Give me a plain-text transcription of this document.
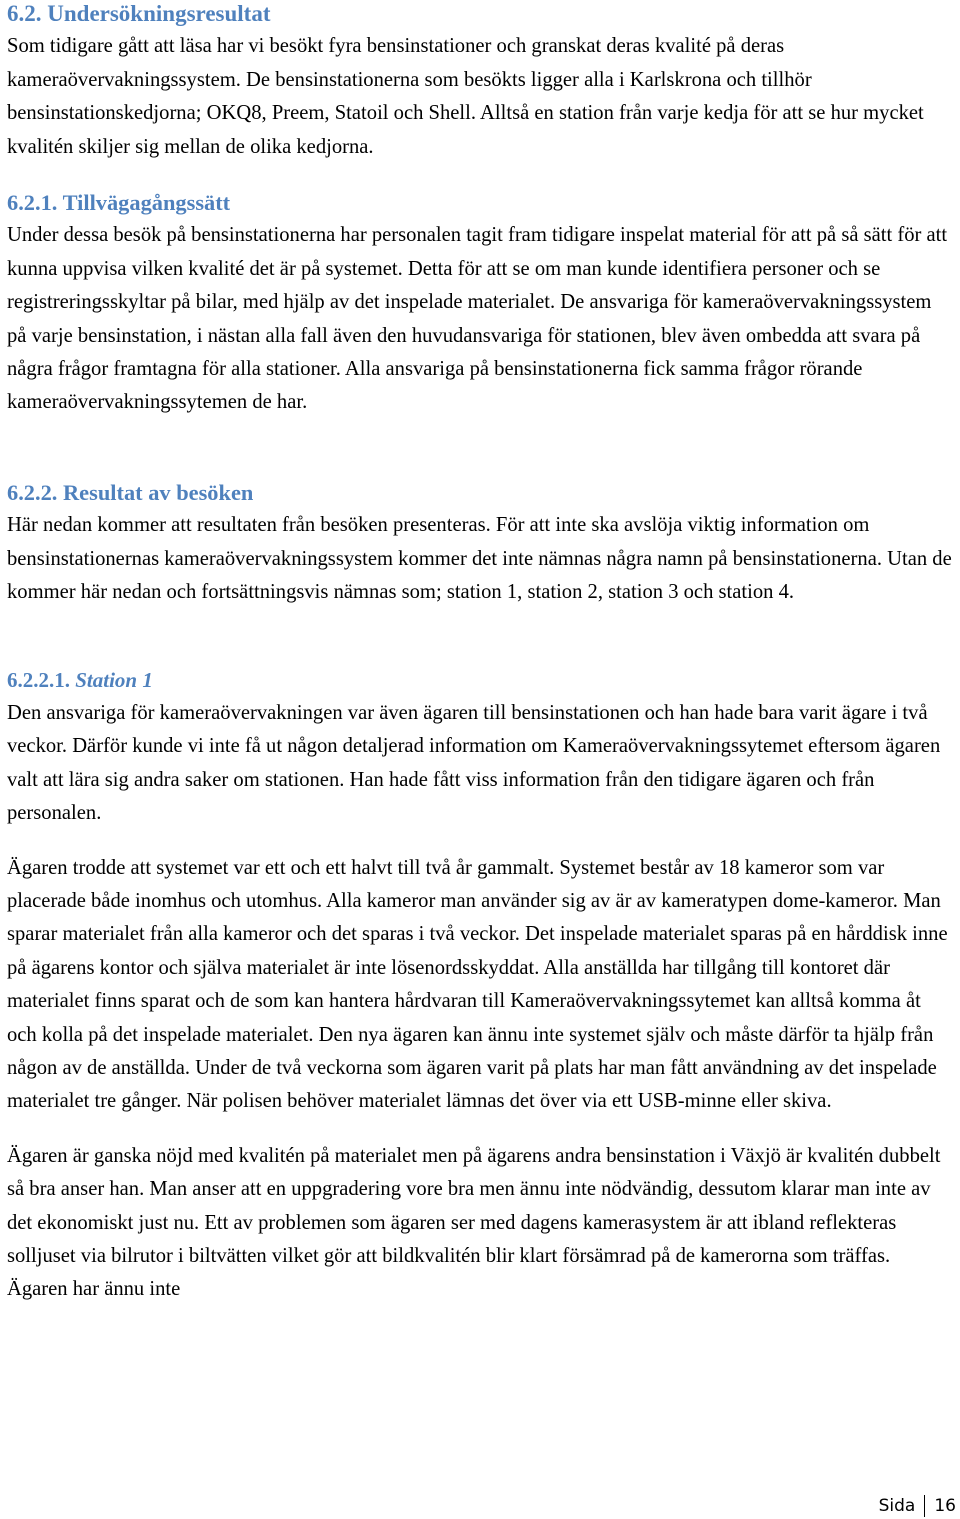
6.2. Undersökningsresultat

Som tidigare gått att läsa har vi besökt fyra bensinstationer och granskat deras kvalité på deras kameraövervakningssystem. De bensinstationerna som besökts ligger alla i Karlskrona och tillhör bensinstationskedjorna; OKQ8, Preem, Statoil och Shell. Alltså en station från varje kedja för att se hur mycket kvalitén skiljer sig mellan de olika kedjorna.

6.2.1. Tillvägagångssätt

Under dessa besök på bensinstationerna har personalen tagit fram tidigare inspelat material för att på så sätt för att kunna uppvisa vilken kvalité det är på systemet. Detta för att se om man kunde identifiera personer och se registreringsskyltar på bilar, med hjälp av det inspelade materialet. De ansvariga för kameraövervakningssystem på varje bensinstation, i nästan alla fall även den huvudansvariga för stationen, blev även ombedda att svara på några frågor framtagna för alla stationer. Alla ansvariga på bensinstationerna fick samma frågor rörande kameraövervakningssytemen de har.

6.2.2. Resultat av besöken

Här nedan kommer att resultaten från besöken presenteras. För att inte ska avslöja viktig information om bensinstationernas kameraövervakningssystem kommer det inte nämnas några namn på bensinstationerna. Utan de kommer här nedan och fortsättningsvis nämnas som; station 1, station 2, station 3 och station 4.

6.2.2.1. Station 1

Den ansvariga för kameraövervakningen var även ägaren till bensinstationen och han hade bara varit ägare i två veckor. Därför kunde vi inte få ut någon detaljerad information om Kameraövervakningssytemet eftersom ägaren valt att lära sig andra saker om stationen. Han hade fått viss information från den tidigare ägaren och från personalen.

Ägaren trodde att systemet var ett och ett halvt till två år gammalt. Systemet består av 18 kameror som var placerade både inomhus och utomhus. Alla kameror man använder sig av är av kameratypen dome-kameror. Man sparar materialet från alla kameror och det sparas i två veckor. Det inspelade materialet sparas på en hårddisk inne på ägarens kontor och själva materialet är inte lösenordsskyddat. Alla anställda har tillgång till kontoret där materialet finns sparat och de som kan hantera hårdvaran till Kameraövervakningssytemet kan alltså komma åt och kolla på det inspelade materialet. Den nya ägaren kan ännu inte systemet själv och måste därför ta hjälp från någon av de anställda. Under de två veckorna som ägaren varit på plats har man fått användning av det inspelade materialet tre gånger. När polisen behöver materialet lämnas det över via ett USB-minne eller skiva.

Ägaren är ganska nöjd med kvalitén på materialet men på ägarens andra bensinstation i Växjö är kvalitén dubbelt så bra anser han. Man anser att en uppgradering vore bra men ännu inte nödvändig, dessutom klarar man inte av det ekonomiskt just nu. Ett av problemen som ägaren ser med dagens kamerasystem är att ibland reflekteras solljuset via bilrutor i biltvätten vilket gör att bildkvalitén blir klart försämrad på de kamerorna som träffas. Ägaren har ännu inte

Sida 16
